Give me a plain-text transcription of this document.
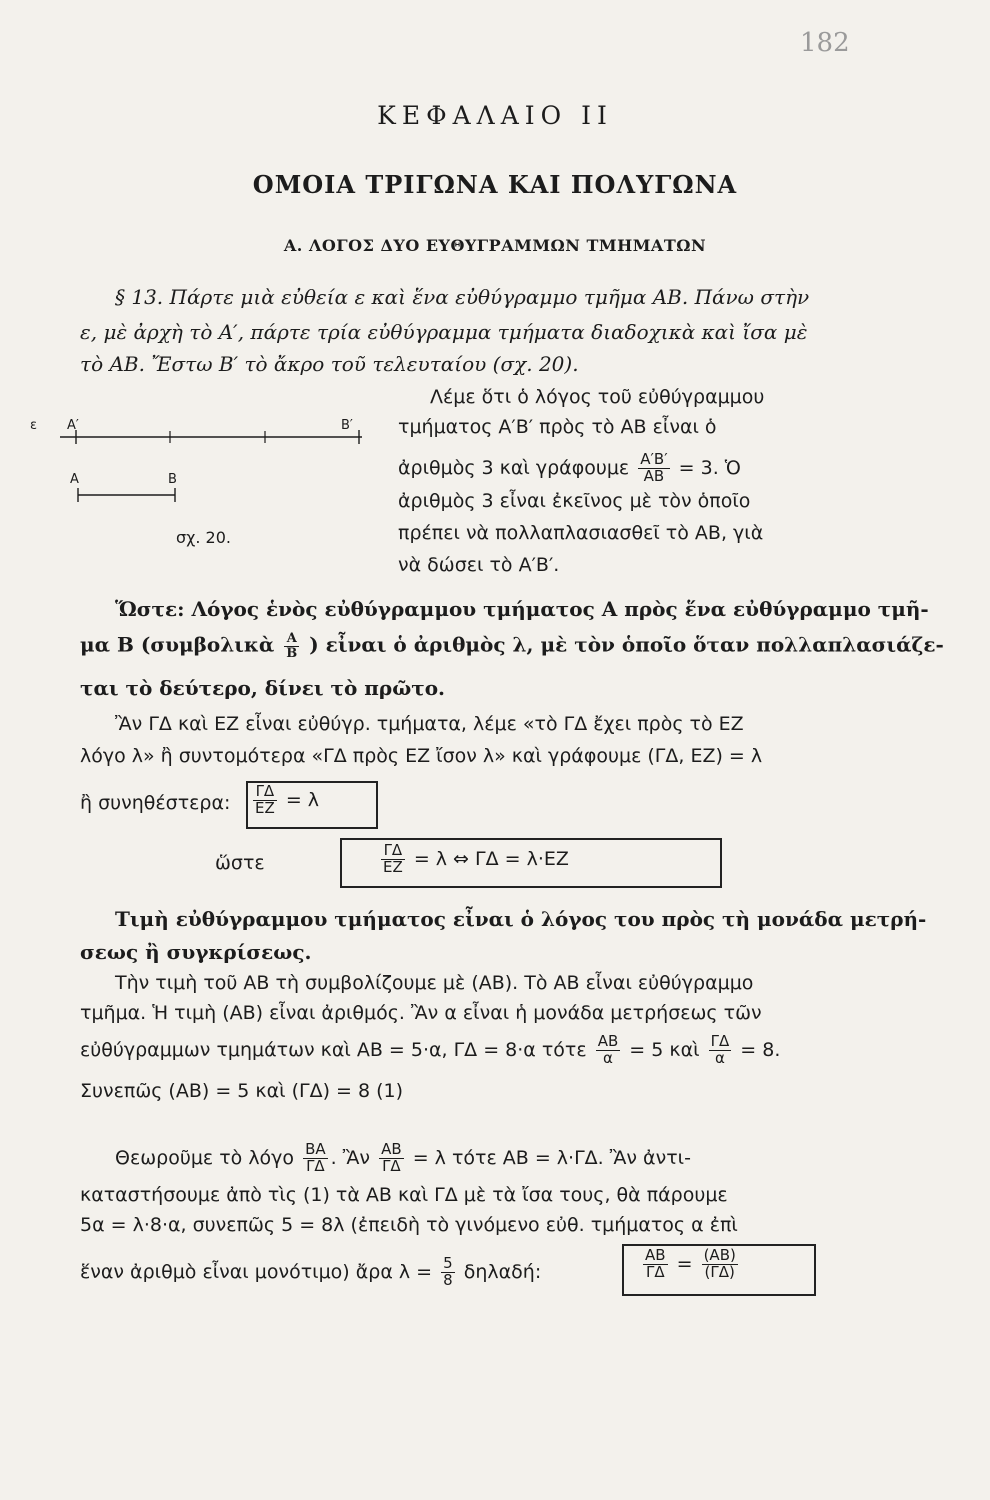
182
ΚΕΦΑΛΑΙΟ ΙΙ
ΟΜΟΙΑ ΤΡΙΓΩΝΑ ΚΑΙ ΠΟΛΥΓΩΝΑ
Α. ΛΟΓΟΣ ΔΥΟ ΕΥΘΥΓΡΑΜΜΩΝ ΤΜΗΜΑΤΩΝ
§ 13. Πάρτε μιὰ εὐθεία ε καὶ ἕνα εὐθύγραμμο τμῆμα ΑΒ. Πάνω στὴν
ε, μὲ ἀρχὴ τὸ Α′, πάρτε τρία εὐθύγραμμα τμήματα διαδοχικὰ καὶ ἴσα μὲ
τὸ ΑΒ. Ἔστω Β′ τὸ ἄκρο τοῦ τελευταίου (σχ. 20).
ε Α′	Β′
Α	Β
σχ. 20.
Λέμε ὅτι ὁ λόγος τοῦ εὐθύγραμμου
τμήματος Α′Β′ πρὸς τὸ ΑΒ εἶναι ὁ
ἀριθμὸς 3 καὶ γράφουμε $\frac{A'B'}{AB} = 3$. Ὁ
ἀριθμὸς 3 εἶναι ἐκεῖνος μὲ τὸν ὁποῖο
πρέπει νὰ πολλαπλασιασθεῖ τὸ ΑΒ, γιὰ
νὰ δώσει τὸ Α′Β′.
Ὥστε: Λόγος ἑνὸς εὐθύγραμμου τμήματος Α πρὸς ἕνα εὐθύγραμμο τμῆ-
μα Β (συμβολικὰ $\frac{A}{B}$ ) εἶναι ὁ ἀριθμὸς λ, μὲ τὸν ὁποῖο ὅταν πολλαπλασιάζε-
ται τὸ δεύτερο, δίνει τὸ πρῶτο.
Ἂν ΓΔ καὶ ΕΖ εἶναι εὐθύγρ. τμήματα, λέμε «τὸ ΓΔ ἔχει πρὸς τὸ ΕΖ
λόγο λ» ἢ συντομότερα «ΓΔ πρὸς ΕΖ ἴσον λ» καὶ γράφουμε (ΓΔ, ΕΖ) = λ
ἢ συνηθέστερα: $\frac{\Gamma\Delta}{EZ} = \lambda$
ὥστε	$\frac{\Gamma\Delta}{EZ} = \lambda$ ⇔ ΓΔ = λ·ΕΖ
Τιμὴ εὐθύγραμμου τμήματος εἶναι ὁ λόγος του πρὸς τὴ μονάδα μετρή-
σεως ἢ συγκρίσεως.
Τὴν τιμὴ τοῦ ΑΒ τὴ συμβολίζουμε μὲ (ΑΒ). Τὸ ΑΒ εἶναι εὐθύγραμμο
τμῆμα. Ἡ τιμὴ (ΑΒ) εἶναι ἀριθμός. Ἂν α εἶναι ἡ μονάδα μετρήσεως τῶν
εὐθύγραμμων τμημάτων καὶ ΑΒ = 5·α, ΓΔ = 8·α τότε $\frac{AB}{\alpha} = 5$ καὶ $\frac{\Gamma\Delta}{\alpha} = 8$.
Συνεπῶς (ΑΒ) = 5 καὶ (ΓΔ) = 8 (1)
Θεωροῦμε τὸ λόγο $\frac{BA}{\Gamma\Delta}$ . Ἂν $\frac{AB}{\Gamma\Delta} = \lambda$ τότε ΑΒ = λ·ΓΔ. Ἂν ἀντι-
καταστήσουμε ἀπὸ τὶς (1) τὰ ΑΒ καὶ ΓΔ μὲ τὰ ἴσα τους, θὰ πάρουμε
5α = λ·8·α, συνεπῶς 5 = 8λ (ἐπειδὴ τὸ γινόμενο εὐθ. τμήματος α ἐπὶ
ἕναν ἀριθμὸ εἶναι μονότιμο) ἄρα $\lambda = \frac{5}{8} \delta\eta\lambda\alpha\delta ή$:	$\frac{AB}{\Gamma\Delta} = \frac{(AB)}{(\Gamma\Delta)}$
